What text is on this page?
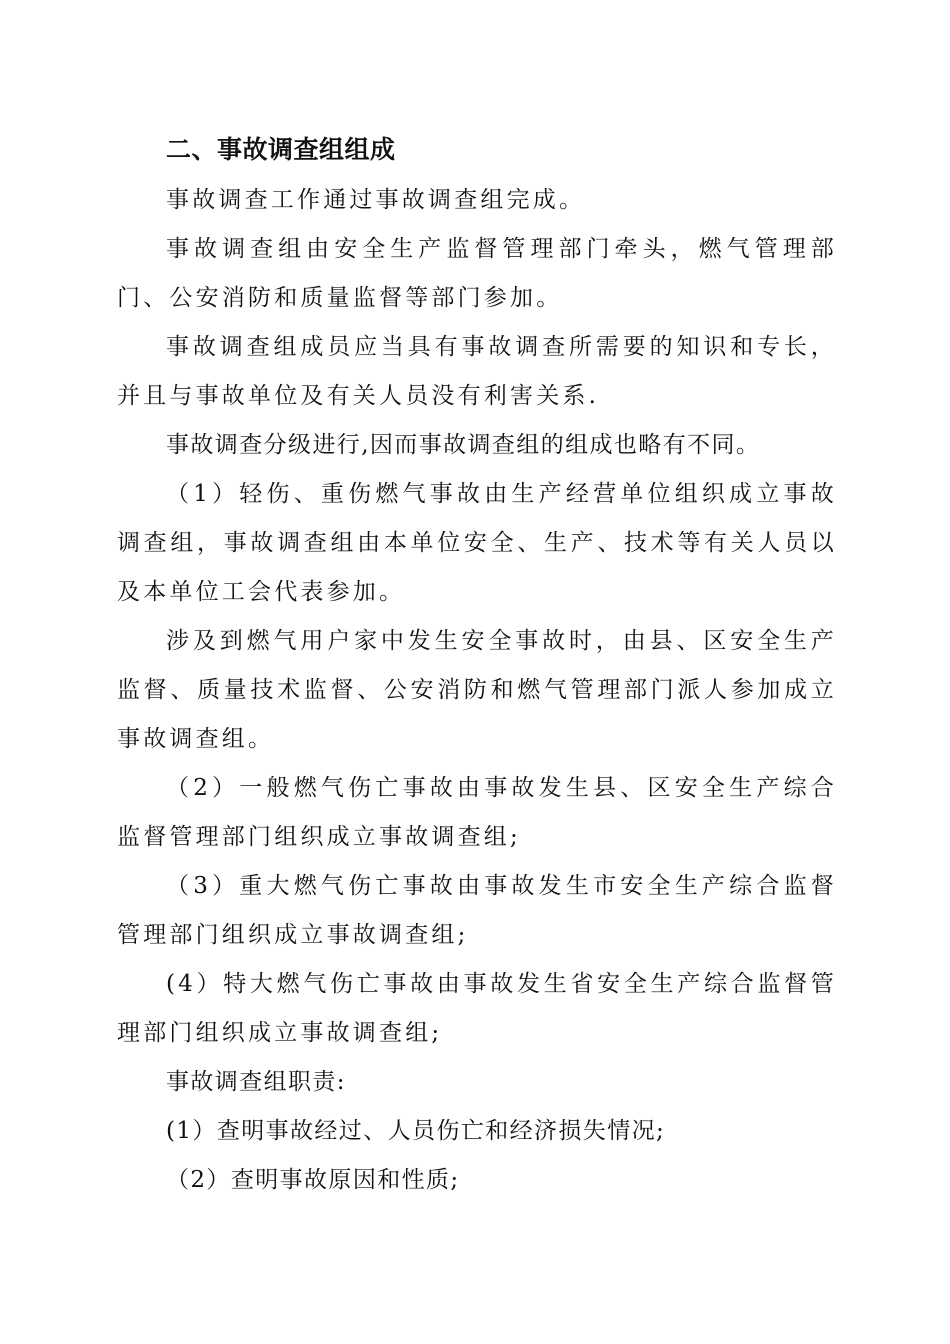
二、事故调查组组成

事故调查工作通过事故调查组完成。

事故调查组由安全生产监督管理部门牵头，燃气管理部门、公安消防和质量监督等部门参加。

事故调查组成员应当具有事故调查所需要的知识和专长，并且与事故单位及有关人员没有利害关系.

事故调查分级进行,因而事故调查组的组成也略有不同。

（1）轻伤、重伤燃气事故由生产经营单位组织成立事故调查组，事故调查组由本单位安全、生产、技术等有关人员以及本单位工会代表参加。

涉及到燃气用户家中发生安全事故时，由县、区安全生产监督、质量技术监督、公安消防和燃气管理部门派人参加成立事故调查组。

（2）一般燃气伤亡事故由事故发生县、区安全生产综合监督管理部门组织成立事故调查组;

（3）重大燃气伤亡事故由事故发生市安全生产综合监督管理部门组织成立事故调查组;

(4）特大燃气伤亡事故由事故发生省安全生产综合监督管理部门组织成立事故调查组;

事故调查组职责:

(1）查明事故经过、人员伤亡和经济损失情况;

（2）查明事故原因和性质;
